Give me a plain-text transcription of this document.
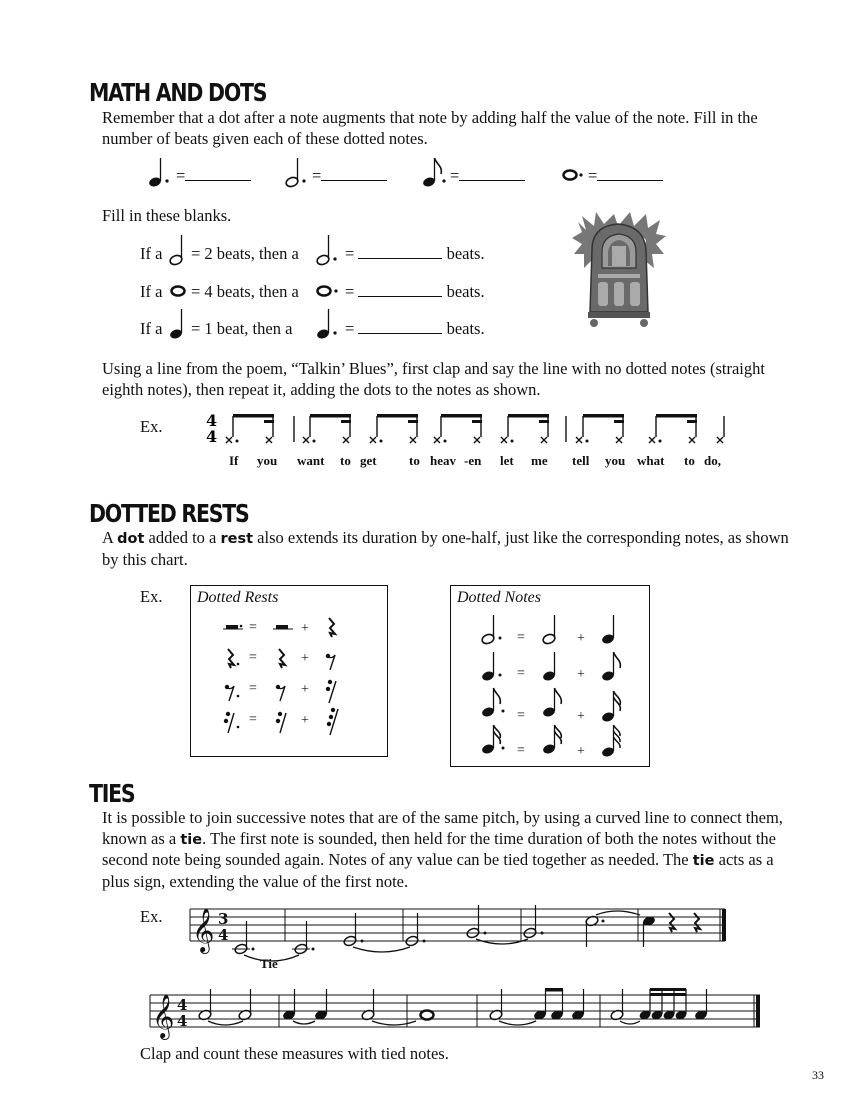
MATH AND DOTS
Remember that a dot after a note augments that note by adding half the value of the note. Fill in the number of beats given each of these dotted notes.
=	=	=	=
Fill in these blanks.
If a = 2 beats, then a	=	beats.
If a = 4 beats, then a	=	beats.
If a = 1 beat, then a	=	beats.
Using a line from the poem, “Talkin’ Blues”, first clap and say the line with no dotted notes (straight eighth notes), then repeat it, adding the dots to the notes as shown.
Ex.	4
4
If you want to get to heav -en let me tell you what to do,
DOTTED RESTS
A dot added to a rest also extends its duration by one-half, just like the corresponding notes, as shown by this chart.
Ex. Dotted Rests
=	+
=	+
=	+
=	+
Dotted Notes
=	+
=	+
=	+
=	+
TIES
It is possible to join successive notes that are of the same pitch, by using a curved line to connect them, known as a tie. The first note is sounded, then held for the time duration of both the notes without the second note being sounded again. Notes of any value can be tied together as needed. The tie acts as a plus sign, extending the value of the first note.
Ex. 𝄞 3
4
Tie
𝄞 4
4
Clap and count these measures with tied notes.
33
